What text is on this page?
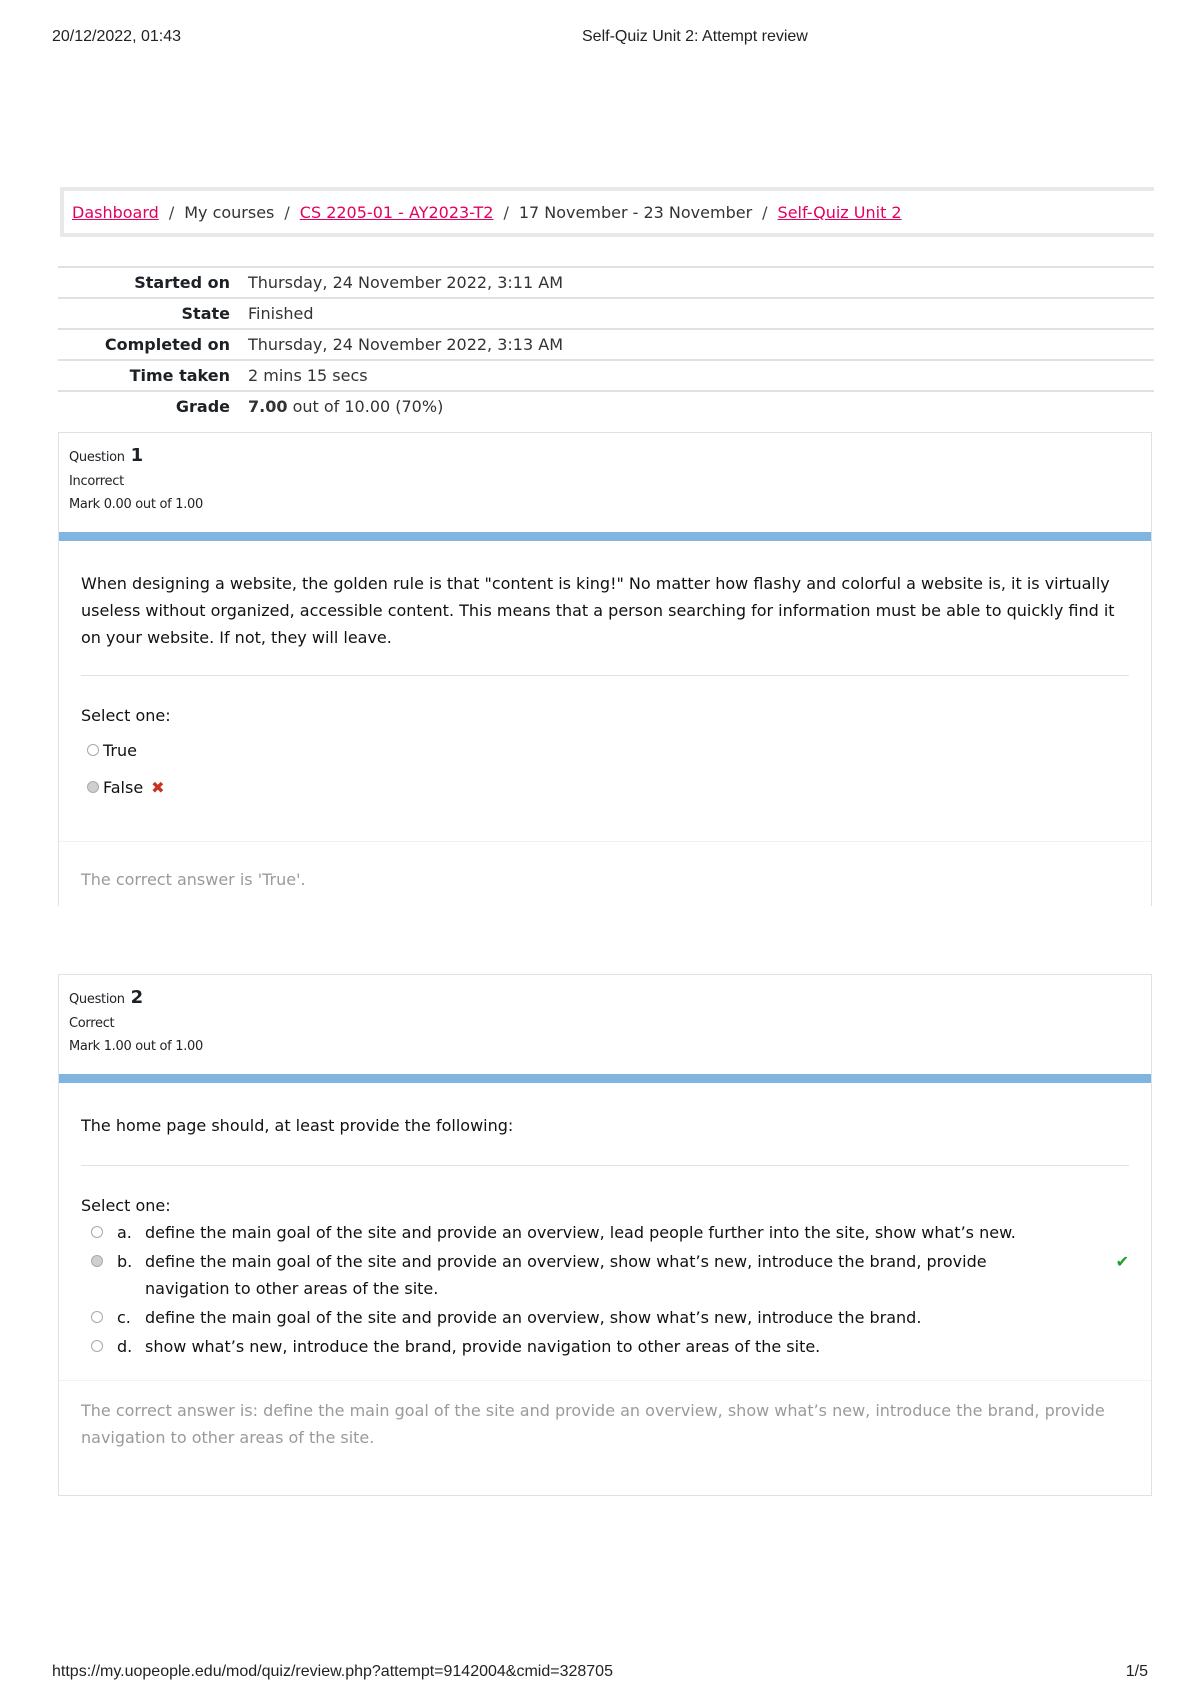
20/12/2022, 01:43	Self-Quiz Unit 2: Attempt review
Dashboard / My courses / CS 2205-01 - AY2023-T2 / 17 November - 23 November / Self-Quiz Unit 2
Started on	Thursday, 24 November 2022, 3:11 AM
State	Finished
Completed on	Thursday, 24 November 2022, 3:13 AM
Time taken	2 mins 15 secs
Grade	7.00 out of 10.00 (70%)
Question 1
Incorrect
Mark 0.00 out of 1.00
When designing a website, the golden rule is that "content is king!" No matter how flashy and colorful a website is, it is virtually useless without organized, accessible content. This means that a person searching for information must be able to quickly find it on your website. If not, they will leave.
Select one:
True
False ✖
The correct answer is 'True'.
Question 2
Correct
Mark 1.00 out of 1.00
The home page should, at least provide the following:
Select one:
a. define the main goal of the site and provide an overview, lead people further into the site, show what’s new.
b. define the main goal of the site and provide an overview, show what’s new, introduce the brand, provide navigation to other areas of the site.
✔
c. define the main goal of the site and provide an overview, show what’s new, introduce the brand.
d. show what’s new, introduce the brand, provide navigation to other areas of the site.
The correct answer is: define the main goal of the site and provide an overview, show what’s new, introduce the brand, provide navigation to other areas of the site.
https://my.uopeople.edu/mod/quiz/review.php?attempt=9142004&cmid=328705	1/5
